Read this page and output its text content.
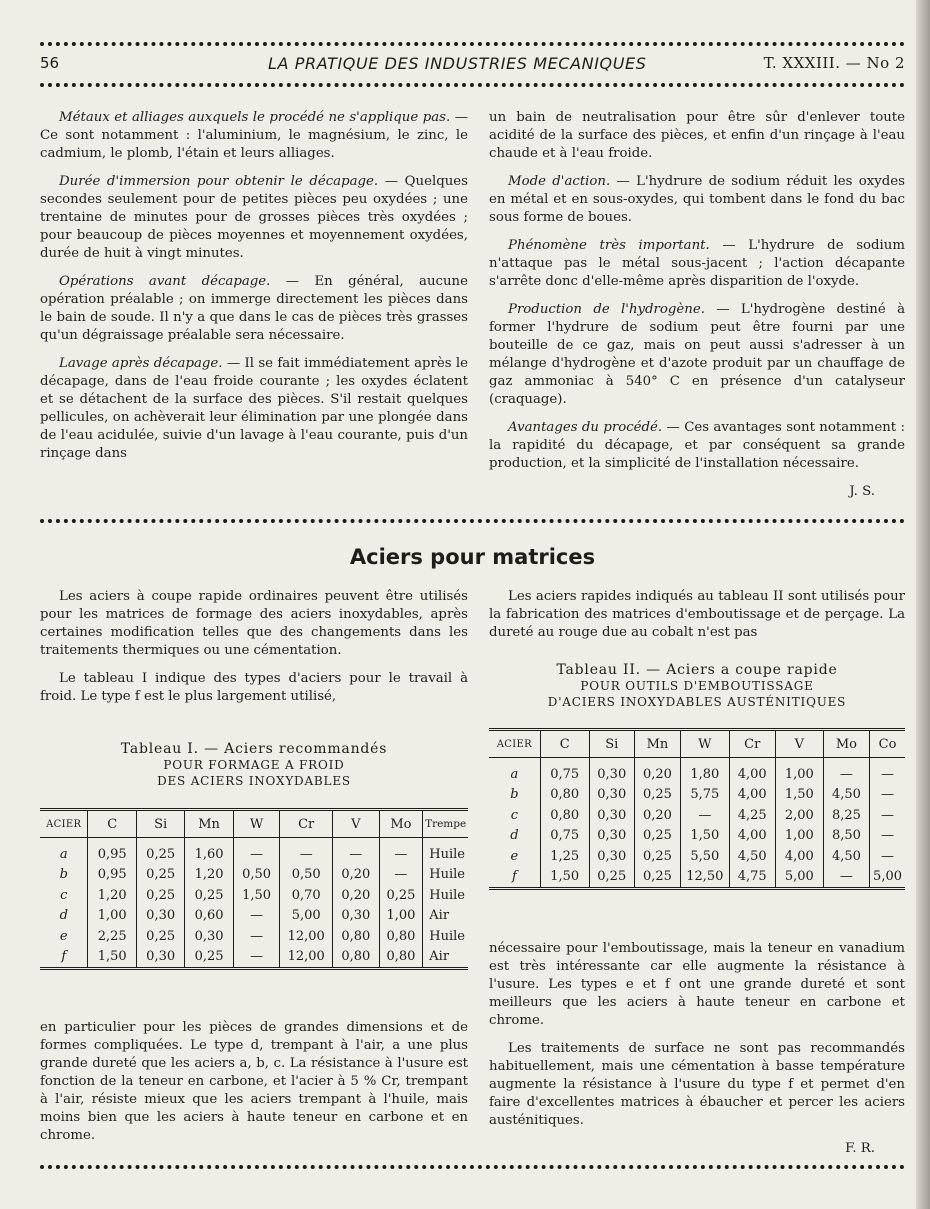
56	LA PRATIQUE DES INDUSTRIES MECANIQUES	T. XXXIII. — No 2

Métaux et alliages auxquels le procédé ne s'applique pas. — Ce sont notamment : l'aluminium, le magnésium, le zinc, le cadmium, le plomb, l'étain et leurs alliages.

Durée d'immersion pour obtenir le décapage. — Quelques secondes seulement pour de petites pièces peu oxydées ; une trentaine de minutes pour de grosses pièces très oxydées ; pour beaucoup de pièces moyennes et moyennement oxydées, durée de huit à vingt minutes.

Opérations avant décapage. — En général, aucune opération préalable ; on immerge directement les pièces dans le bain de soude. Il n'y a que dans le cas de pièces très grasses qu'un dégraissage préalable sera nécessaire.

Lavage après décapage. — Il se fait immédiatement après le décapage, dans de l'eau froide courante ; les oxydes éclatent et se détachent de la surface des pièces. S'il restait quelques pellicules, on achèverait leur élimination par une plongée dans de l'eau acidulée, suivie d'un lavage à l'eau courante, puis d'un rinçage dans

un bain de neutralisation pour être sûr d'enlever toute acidité de la surface des pièces, et enfin d'un rinçage à l'eau chaude et à l'eau froide.

Mode d'action. — L'hydrure de sodium réduit les oxydes en métal et en sous-oxydes, qui tombent dans le fond du bac sous forme de boues.

Phénomène très important. — L'hydrure de sodium n'attaque pas le métal sous-jacent ; l'action décapante s'arrête donc d'elle-même après disparition de l'oxyde.

Production de l'hydrogène. — L'hydrogène destiné à former l'hydrure de sodium peut être fourni par une bouteille de ce gaz, mais on peut aussi s'adresser à un mélange d'hydrogène et d'azote produit par un chauffage de gaz ammoniac à 540° C en présence d'un catalyseur (craquage).

Avantages du procédé. — Ces avantages sont notamment : la rapidité du décapage, et par conséquent sa grande production, et la simplicité de l'installation nécessaire.

J. S.
Aciers pour matrices

Les aciers à coupe rapide ordinaires peuvent être utilisés pour les matrices de formage des aciers inoxydables, après certaines modification telles que des changements dans les traitements thermiques ou une cémentation.

Le tableau I indique des types d'aciers pour le travail à froid. Le type f est le plus largement utilisé,

Tableau I. — Aciers recommandés
POUR FORMAGE A FROID
DES ACIERS INOXYDABLES
ACIER	C	Si	Mn	W	Cr	V	Mo	Trempe
a	0,95	0,25	1,60	—	—	—	—	Huile
b	0,95	0,25	1,20	0,50	0,50	0,20	—	Huile
c	1,20	0,25	0,25	1,50	0,70	0,20	0,25	Huile
d	1,00	0,30	0,60	—	5,00	0,30	1,00	Air
e	2,25	0,25	0,30	—	12,00	0,80	0,80	Huile
f	1,50	0,30	0,25	—	12,00	0,80	0,80	Air

en particulier pour les pièces de grandes dimensions et de formes compliquées. Le type d, trempant à l'air, a une plus grande dureté que les aciers a, b, c. La résistance à l'usure est fonction de la teneur en carbone, et l'acier à 5 % Cr, trempant à l'air, résiste mieux que les aciers trempant à l'huile, mais moins bien que les aciers à haute teneur en carbone et en chrome.

Les aciers rapides indiqués au tableau II sont utilisés pour la fabrication des matrices d'emboutissage et de perçage. La dureté au rouge due au cobalt n'est pas

Tableau II. — Aciers a coupe rapide
POUR OUTILS D'EMBOUTISSAGE
D'ACIERS INOXYDABLES AUSTÉNITIQUES
ACIER	C	Si	Mn	W	Cr	V	Mo	Co
a	0,75	0,30	0,20	1,80	4,00	1,00	—	—
b	0,80	0,30	0,25	5,75	4,00	1,50	4,50	—
c	0,80	0,30	0,20	—	4,25	2,00	8,25	—
d	0,75	0,30	0,25	1,50	4,00	1,00	8,50	—
e	1,25	0,30	0,25	5,50	4,50	4,00	4,50	—
f	1,50	0,25	0,25	12,50	4,75	5,00	—	5,00

nécessaire pour l'emboutissage, mais la teneur en vanadium est très intéressante car elle augmente la résistance à l'usure. Les types e et f ont une grande dureté et sont meilleurs que les aciers à haute teneur en carbone et chrome.

Les traitements de surface ne sont pas recommandés habituellement, mais une cémentation à basse température augmente la résistance à l'usure du type f et permet d'en faire d'excellentes matrices à ébaucher et percer les aciers austénitiques.

F. R.
